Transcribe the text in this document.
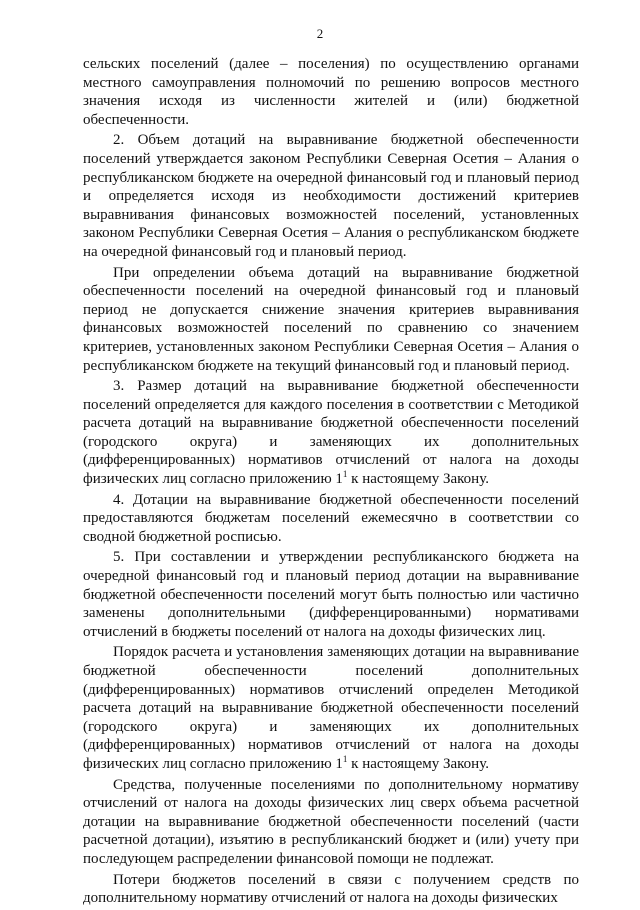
2

сельских поселений (далее – поселения) по осуществлению органами местного самоуправления полномочий по решению вопросов местного значения исходя из численности жителей и (или) бюджетной обеспеченности.

2. Объем дотаций на выравнивание бюджетной обеспеченности поселений утверждается законом Республики Северная Осетия – Алания о республиканском бюджете на очередной финансовый год и плановый период и определяется исходя из необходимости достижений критериев выравнивания финансовых возможностей поселений, установленных законом Республики Северная Осетия – Алания о республиканском бюджете на очередной финансовый год и плановый период.

При определении объема дотаций на выравнивание бюджетной обеспеченности поселений на очередной финансовый год и плановый период не допускается снижение значения критериев выравнивания финансовых возможностей поселений по сравнению со значением критериев, установленных законом Республики Северная Осетия – Алания о республиканском бюджете на текущий финансовый год и плановый период.

3. Размер дотаций на выравнивание бюджетной обеспеченности поселений определяется для каждого поселения в соответствии с Методикой расчета дотаций на выравнивание бюджетной обеспеченности поселений (городского округа) и заменяющих их дополнительных (дифференцированных) нормативов отчислений от налога на доходы физических лиц согласно приложению $1^1$ к настоящему Закону.

4. Дотации на выравнивание бюджетной обеспеченности поселений предоставляются бюджетам поселений ежемесячно в соответствии со сводной бюджетной росписью.

5. При составлении и утверждении республиканского бюджета на очередной финансовый год и плановый период дотации на выравнивание бюджетной обеспеченности поселений могут быть полностью или частично заменены дополнительными (дифференцированными) нормативами отчислений в бюджеты поселений от налога на доходы физических лиц.

Порядок расчета и установления заменяющих дотации на выравнивание бюджетной обеспеченности поселений дополнительных (дифференцированных) нормативов отчислений определен Методикой расчета дотаций на выравнивание бюджетной обеспеченности поселений (городского округа) и заменяющих их дополнительных (дифференцированных) нормативов отчислений от налога на доходы физических лиц согласно приложению $1^1$ к настоящему Закону.

Средства, полученные поселениями по дополнительному нормативу отчислений от налога на доходы физических лиц сверх объема расчетной дотации на выравнивание бюджетной обеспеченности поселений (части расчетной дотации), изъятию в республиканский бюджет и (или) учету при последующем распределении финансовой помощи не подлежат.

Потери бюджетов поселений в связи с получением средств по дополнительному нормативу отчислений от налога на доходы физических
